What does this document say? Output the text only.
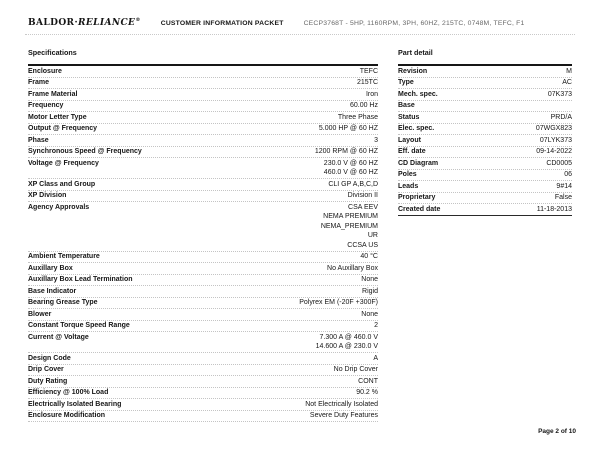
BALDOR·RELIANCE®	CUSTOMER INFORMATION PACKET	CECP3768T - 5HP, 1160RPM, 3PH, 60HZ, 215TC, 0748M, TEFC, F1
Specifications
Enclosure	TEFC
Frame	215TC
Frame Material	Iron
Frequency	60.00 Hz
Motor Letter Type	Three Phase
Output @ Frequency	5.000 HP @ 60 HZ
Phase	3
Synchronous Speed @ Frequency	1200 RPM @ 60 HZ
Voltage @ Frequency	230.0 V @ 60 HZ
460.0 V @ 60 HZ
XP Class and Group	CLI GP A,B,C,D
XP Division	Division II
Agency Approvals	CSA EEV
NEMA PREMIUM
NEMA_PREMIUM
UR
CCSA US
Ambient Temperature	40 °C
Auxillary Box	No Auxillary Box
Auxillary Box Lead Termination	None
Base Indicator	Rigid
Bearing Grease Type	Polyrex EM (-20F +300F)
Blower	None
Constant Torque Speed Range	2
Current @ Voltage	7.300 A @ 460.0 V
14.600 A @ 230.0 V
Design Code	A
Drip Cover	No Drip Cover
Duty Rating	CONT
Efficiency @ 100% Load	90.2 %
Electrically Isolated Bearing	Not Electrically Isolated
Enclosure Modification	Severe Duty Features
Part detail
Revision	M
Type	AC
Mech. spec.	07K373
Base
Status	PRD/A
Elec. spec.	07WGX823
Layout	07LYK373
Eff. date	09-14-2022
CD Diagram	CD0005
Poles	06
Leads	9#14
Proprietary	False
Created date	11-18-2013
Page 2 of 10
